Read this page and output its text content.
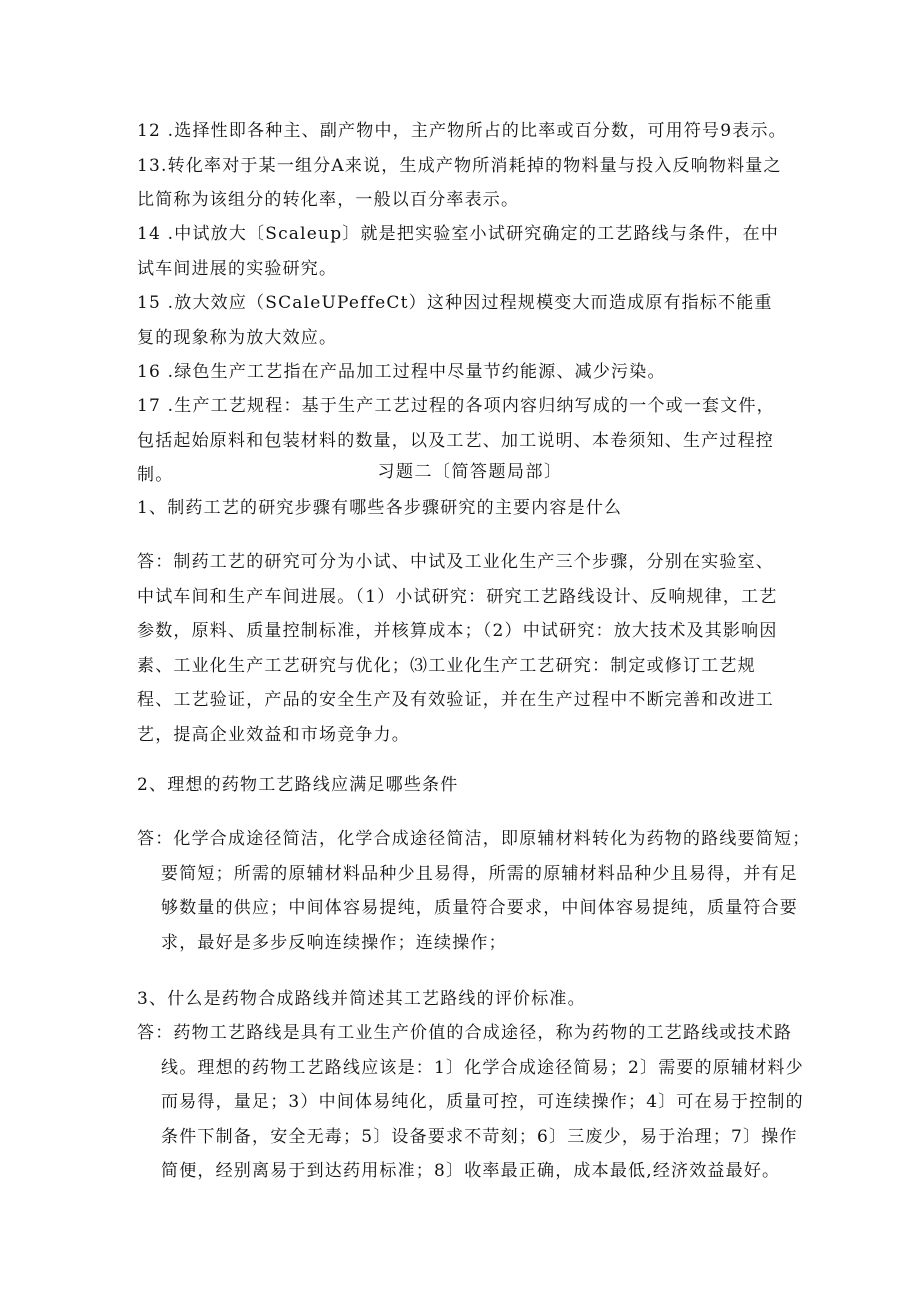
12 .选择性即各种主、副产物中，主产物所占的比率或百分数，可用符号9表示。13.转化率对于某一组分A来说，生成产物所消耗掉的物料量与投入反响物料量之比简称为该组分的转化率，一般以百分率表示。

14 .中试放大〔Scaleup〕就是把实验室小试研究确定的工艺路线与条件，在中试车间进展的实验研究。

15 .放大效应（SCaleUPeffeCt）这种因过程规模变大而造成原有指标不能重复的现象称为放大效应。

16 .绿色生产工艺指在产品加工过程中尽量节约能源、减少污染。

17 .生产工艺规程：基于生产工艺过程的各项内容归纳写成的一个或一套文件，包括起始原料和包装材料的数量，以及工艺、加工说明、本卷须知、生产过程控制。	习题二〔简答题局部〕

1、制药工艺的研究步骤有哪些各步骤研究的主要内容是什么

答：制药工艺的研究可分为小试、中试及工业化生产三个步骤，分别在实验室、中试车间和生产车间进展。（1）小试研究：研究工艺路线设计、反响规律，工艺参数，原料、质量控制标准，并核算成本；（2）中试研究：放大技术及其影响因素、工业化生产工艺研究与优化；⑶工业化生产工艺研究：制定或修订工艺规程、工艺验证，产品的安全生产及有效验证，并在生产过程中不断完善和改进工艺，提高企业效益和市场竞争力。

2、理想的药物工艺路线应满足哪些条件

答：化学合成途径简洁，化学合成途径简洁，即原辅材料转化为药物的路线要简短；要简短；所需的原辅材料品种少且易得，所需的原辅材料品种少且易得，并有足够数量的供应；中间体容易提纯，质量符合要求，中间体容易提纯，质量符合要求，最好是多步反响连续操作；连续操作；

3、什么是药物合成路线并简述其工艺路线的评价标准。

答：药物工艺路线是具有工业生产价值的合成途径，称为药物的工艺路线或技术路线。理想的药物工艺路线应该是：1〕化学合成途径简易；2〕需要的原辅材料少而易得，量足；3）中间体易纯化，质量可控，可连续操作；4〕可在易于控制的条件下制备，安全无毒；5〕设备要求不苛刻；6〕三废少，易于治理；7〕操作简便，经别离易于到达药用标准；8〕收率最正确，成本最低,经济效益最好。
